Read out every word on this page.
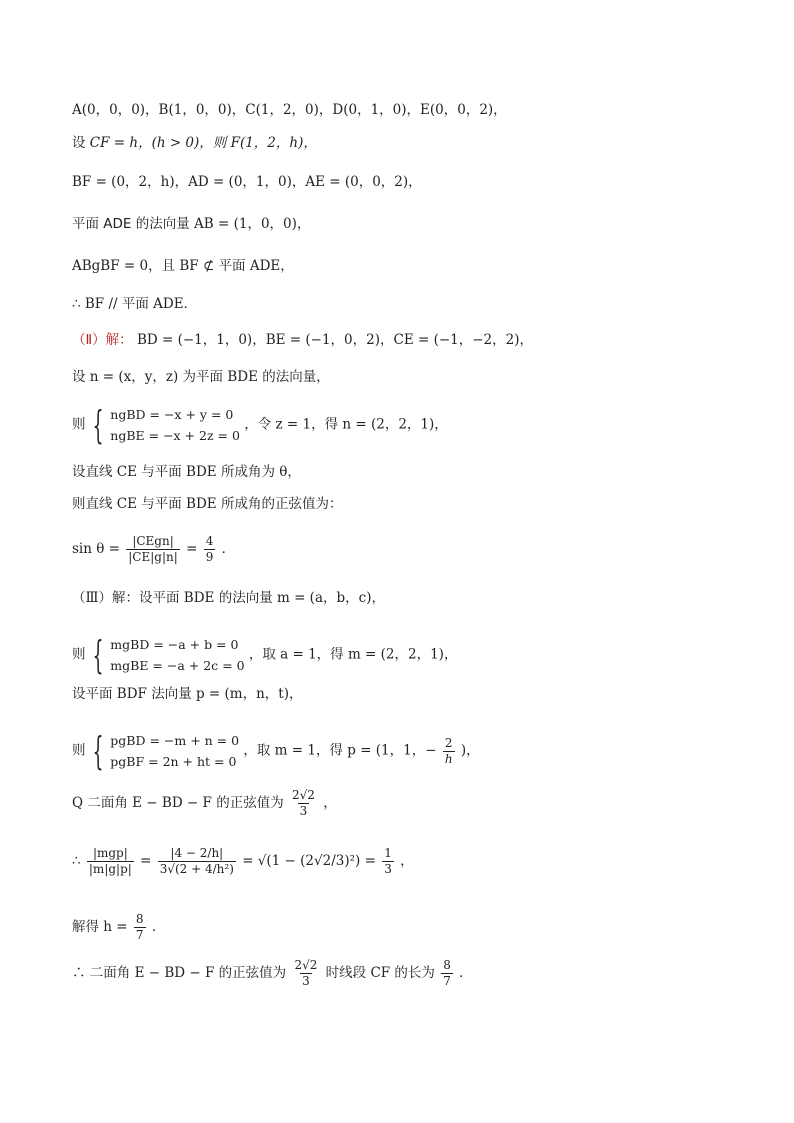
A(0，0，0)，B(1，0，0)，C(1，2，0)，D(0，1，0)，E(0，0，2)，
设 CF = h，(h > 0)，则 F(1，2，h)，
BF = (0，2，h)，AD = (0，1，0)，AE = (0，0，2)，
平面 ADE 的法向量 AB = (1，0，0)，
ABgBF = 0，且 BF ⊄ 平面 ADE，
∴ BF // 平面 ADE．
（Ⅱ）解： BD = (−1，1，0)，BE = (−1，0，2)，CE = (−1，−2，2)，
设 n = (x，y，z) 为平面 BDE 的法向量，
则 { ngBD = −x + y = 0
ngBE = −x + 2z = 0
，令 z = 1，得 n = (2，2，1)，
设直线 CE 与平面 BDE 所成角为 θ，
则直线 CE 与平面 BDE 所成角的正弦值为：
$\sin \theta = \frac{\text{|CEgn|}}{|CE|g|n|} = \frac{4}{9}$ ．
（Ⅲ）解：设平面 BDE 的法向量 m = (a，b，c)，
则 { mgBD = −a + b = 0
mgBE = −a + 2c = 0
，取 a = 1，得 m = (2，2，1)，
设平面 BDF 法向量 p = (m，n，t)，
则 { pgBD = −m + n = 0
pgBF = 2n + ht = 0
，取 m = 1，得 p = (1，1，− $\frac{2}{h}$ )，
Q 二面角 E − BD − F 的正弦值为 $\frac{2√2}{3}$ ，
∴ $\frac{\text{|mgp|}}{|m|g|p|} = \frac{|4 - 2/h|}{\text{3√(2 + 4/h²)}} = √(1 - (2√2/3)^2) = \frac{1}{3}$ ，
解得 $h = \frac{8}{7}$ ．
∴ 二面角 E − BD − F 的正弦值为 $\frac{2√2}{3}$ 时线段 CF 的长为 $\frac{8}{7}$ ．
